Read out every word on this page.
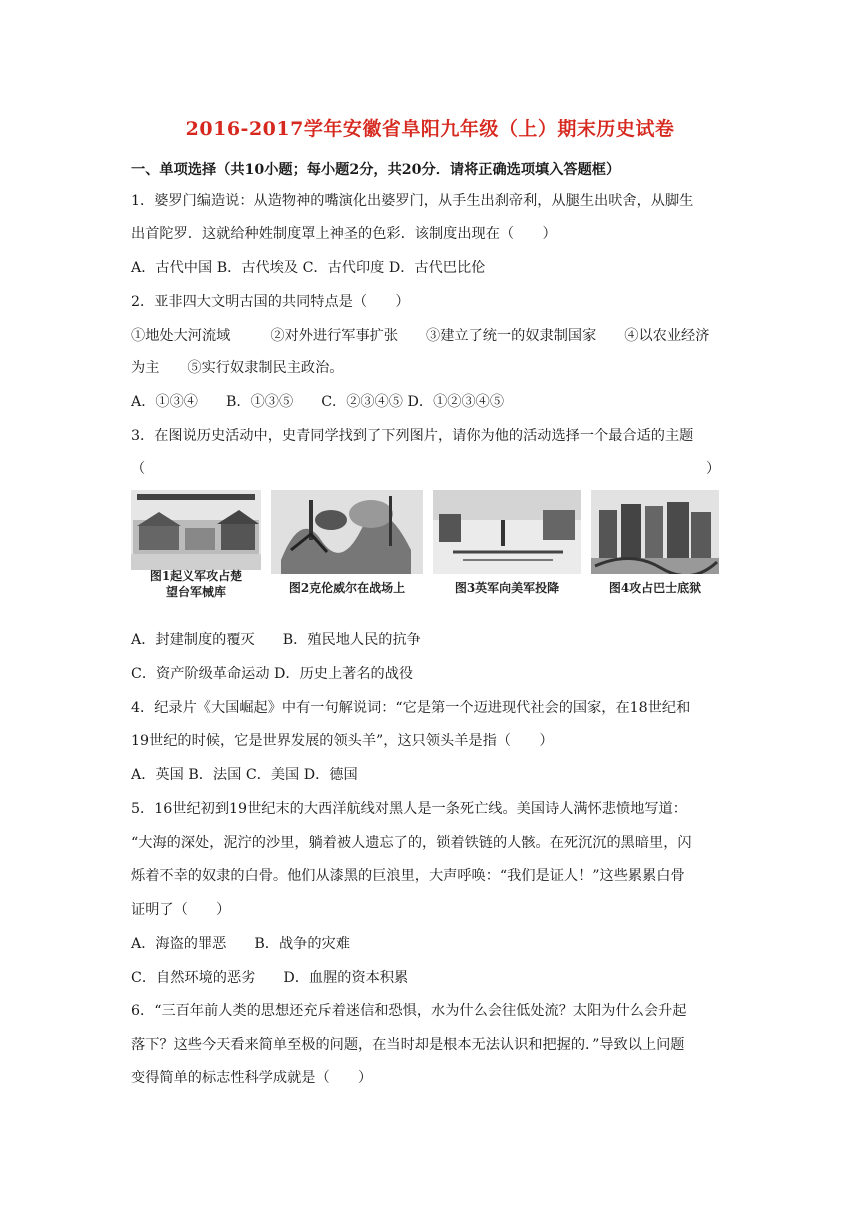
2016-2017学年安徽省阜阳九年级（上）期末历史试卷
一、单项选择（共10小题；每小题2分，共20分．请将正确选项填入答题框）
1．婆罗门编造说：从造物神的嘴演化出婆罗门，从手生出刹帝利，从腿生出吠舍，从脚生
出首陀罗．这就给种姓制度罩上神圣的色彩．该制度出现在（　　）
A．古代中国 B．古代埃及 C．古代印度 D．古代巴比伦
2．亚非四大文明古国的共同特点是（　　）
①地处大河流域	②对外进行军事扩张 ③建立了统一的奴隶制国家 ④以农业经济
为主 ⑤实行奴隶制民主政治。
A．①③④ B．①③⑤ C．②③④⑤ D．①②③④⑤
3．在图说历史活动中，史青同学找到了下列图片，请你为他的活动选择一个最合适的主题
（	）
图1起义军攻占楚
望台军械库	图2克伦威尔在战场上	图3英军向美军投降	图4攻占巴士底狱
A．封建制度的覆灭 B．殖民地人民的抗争
C．资产阶级革命运动 D．历史上著名的战役
4．纪录片《大国崛起》中有一句解说词：“它是第一个迈进现代社会的国家，在18世纪和
19世纪的时候，它是世界发展的领头羊”，这只领头羊是指（　　）
A．英国 B．法国 C．美国 D．德国
5．16世纪初到19世纪末的大西洋航线对黑人是一条死亡线。美国诗人满怀悲愤地写道：
“大海的深处，泥泞的沙里，躺着被人遗忘了的，锁着铁链的人骸。在死沉沉的黑暗里，闪
烁着不幸的奴隶的白骨。他们从漆黑的巨浪里，大声呼唤：“我们是证人！”这些累累白骨
证明了（　　）
A．海盗的罪恶 B．战争的灾难
C．自然环境的恶劣 D．血腥的资本积累
6．“三百年前人类的思想还充斥着迷信和恐惧，水为什么会往低处流？太阳为什么会升起
落下？这些今天看来简单至极的问题，在当时却是根本无法认识和把握的．”导致以上问题
变得简单的标志性科学成就是（　　）
